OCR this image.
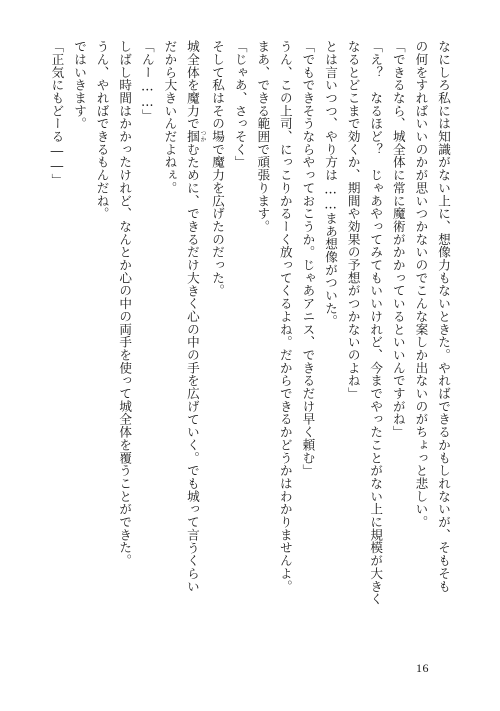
なにしろ私には知識がない上に、想像力もないときた。やればできるかもしれないが、そもそも
の何をすればいいのかが思いつかないのでこんな案しか出ないのがちょっと悲しい。
「できるなら、城全体に常に魔術がかかっているといいんですがね」
「え？　なるほど？　じゃあやってみてもいいけれど、今までやったことがない上に規模が大きく
なるとどこまで効くか、期間や効果の予想がつかないのよね」
とは言いつつ、やり方は……まあ想像がついた。
「でもできそうならやっておこうか。じゃあアニス、できるだけ早く頼む」
うん、この上司、にっこりかるーく放ってくるよね。だからできるかどうかはわかりませんよ。
まあ、できる範囲で頑張ります。
「じゃあ、さっそく」
そして私はその場で魔力を広げたのだった。
城全体を魔力で掴 つかむために、できるだけ大きく心の中の手を広げていく。でも城って言うくらい
だから大きいんだよねぇ。
「んー……」
しばし時間はかかったけれど、なんとか心の中の両手を使って城全体を覆うことができた。
うん、やればできるもんだね。
ではいきます。
「正気にもどーる――」
16
